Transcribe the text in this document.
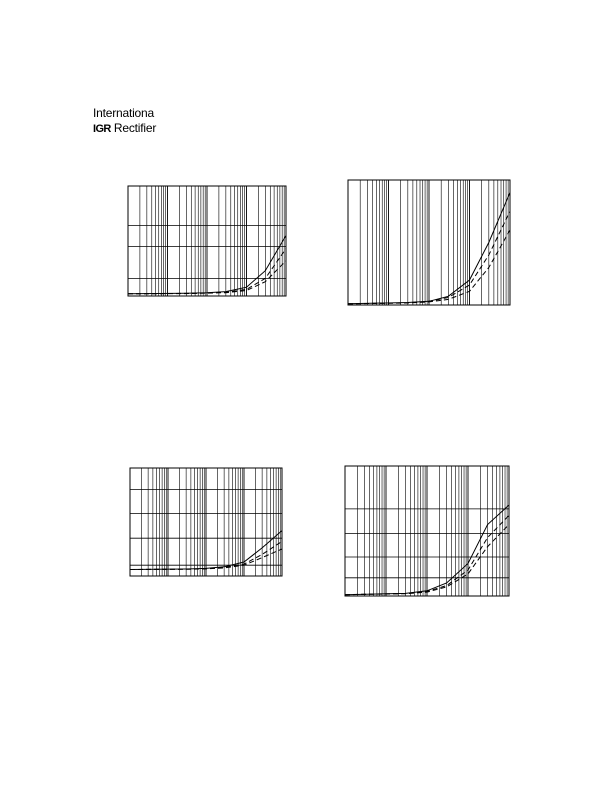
Internationa
IGR Rectifier
